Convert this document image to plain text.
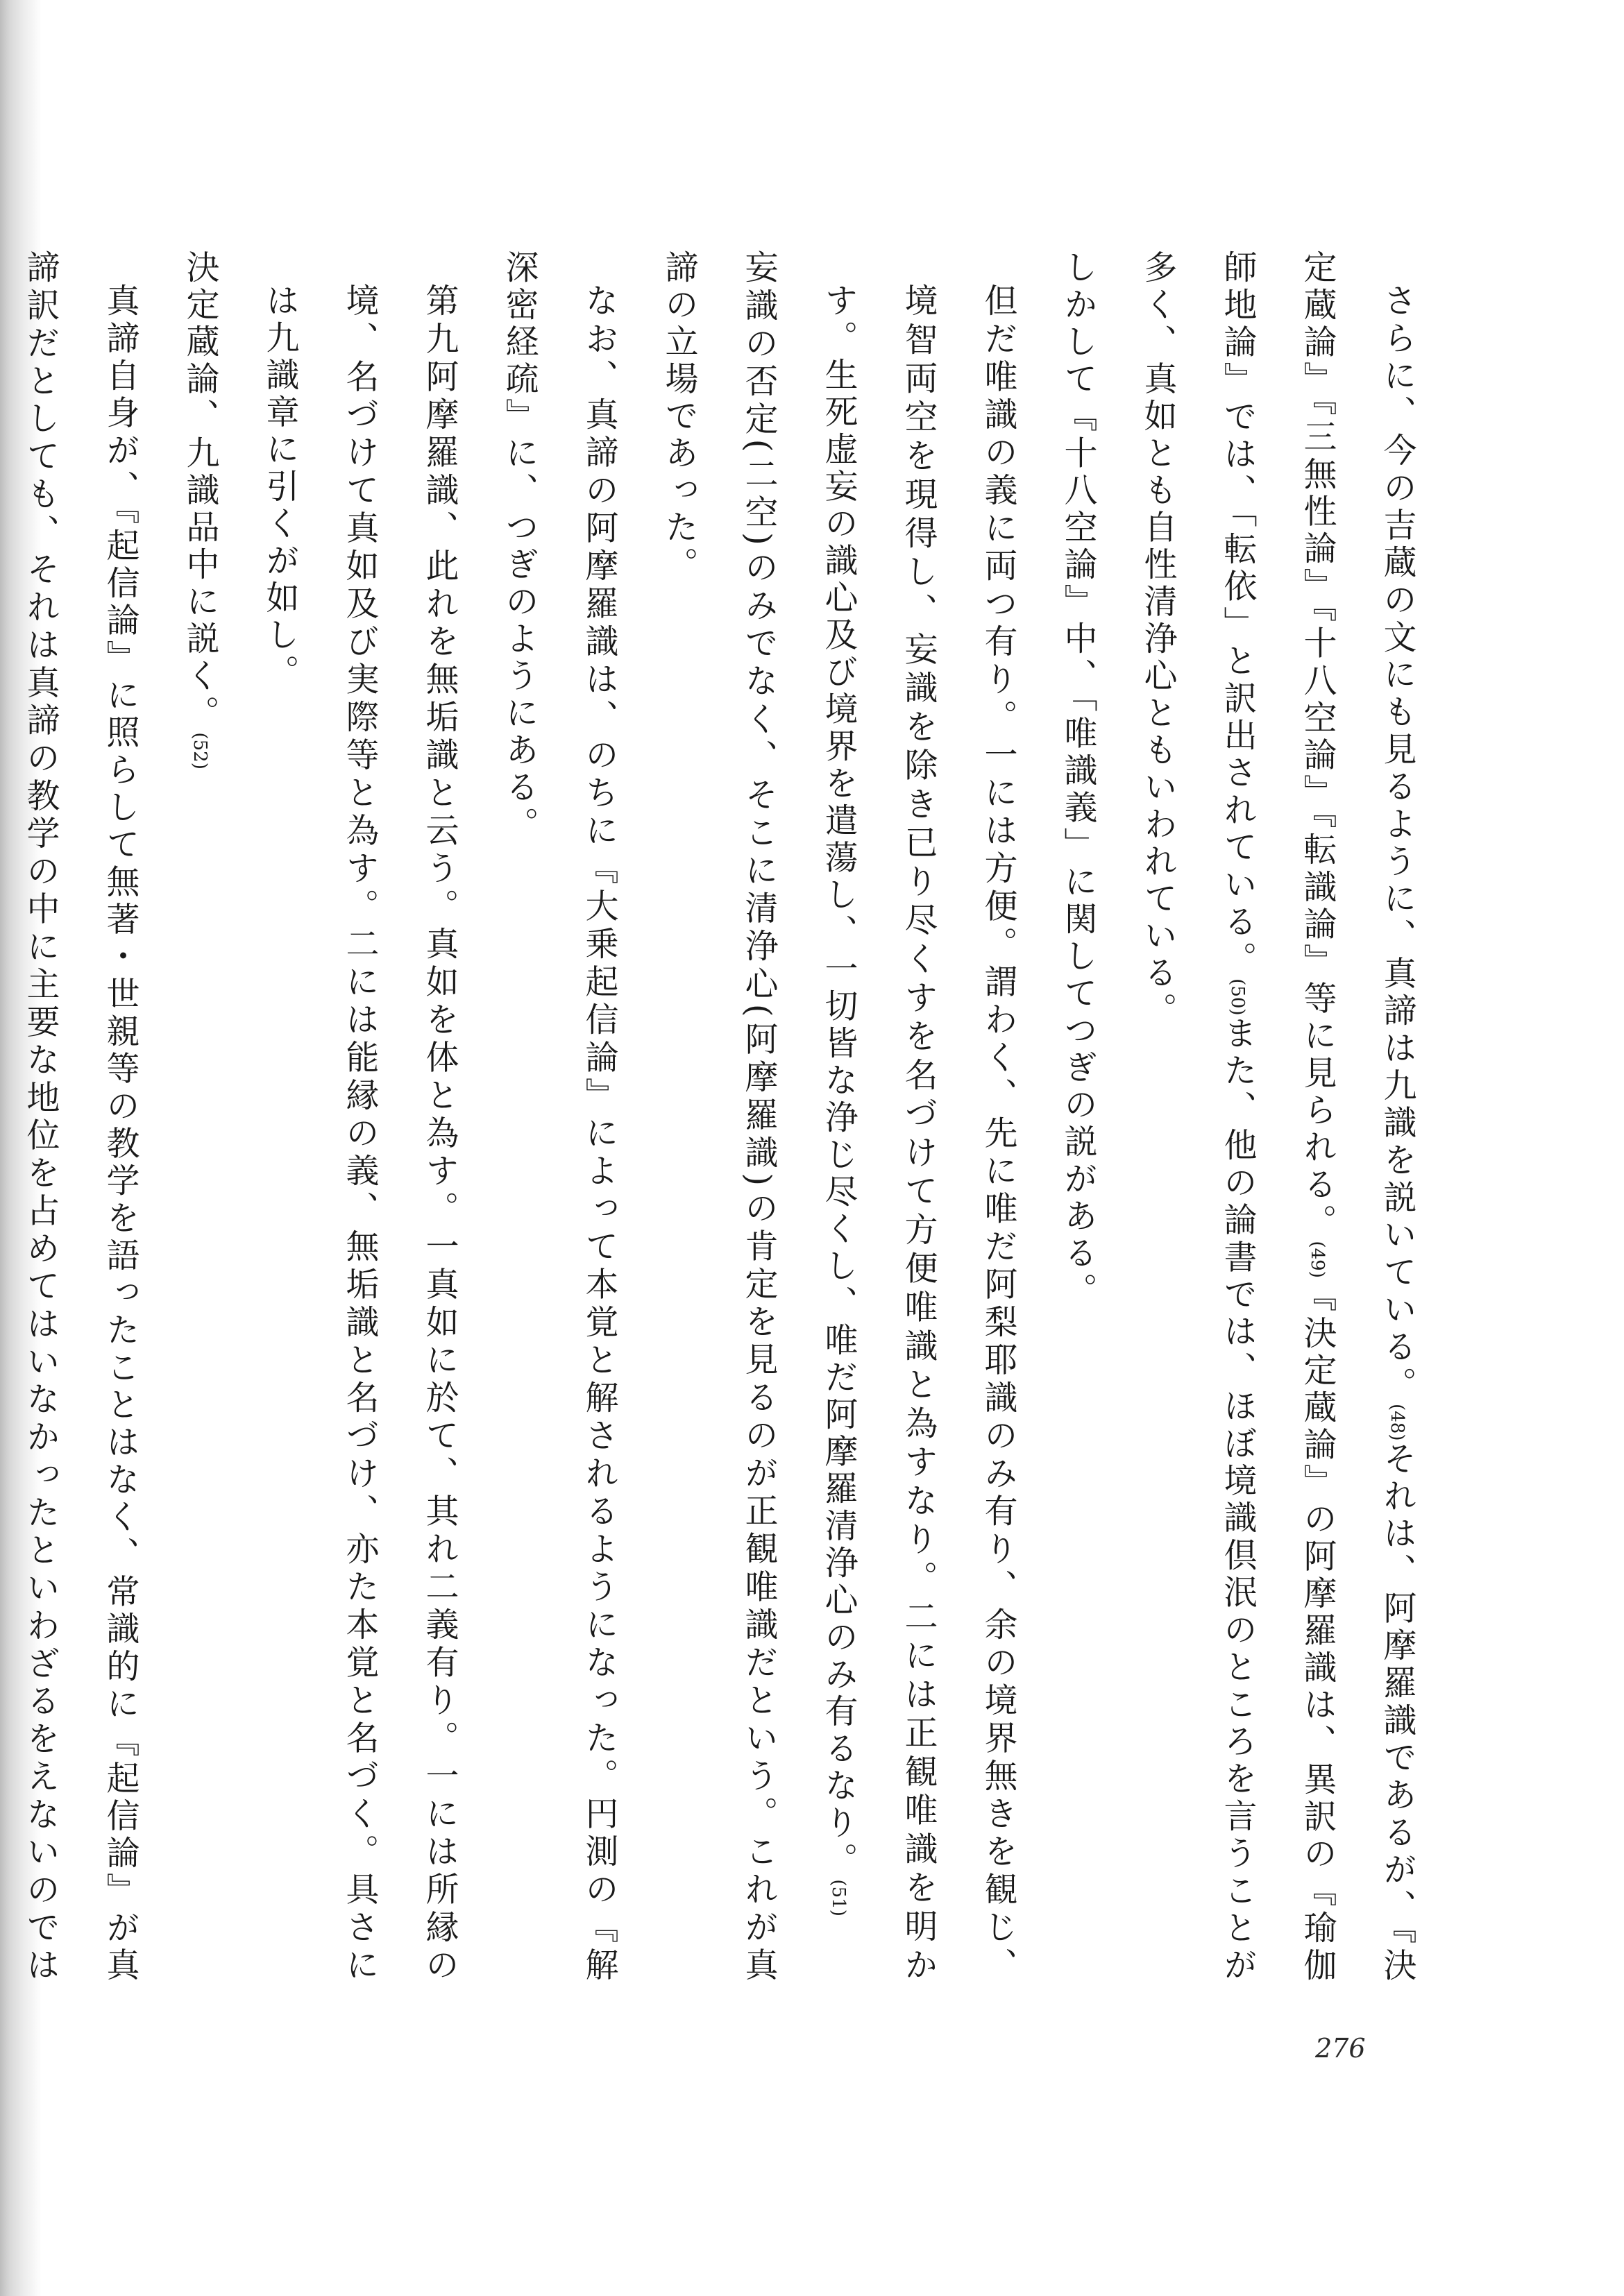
さらに、今の吉蔵の文にも見るように、真諦は九識を説いている。(48)それは、阿摩羅識であるが、『決定蔵論』『三無性論』『十八空論』『転識論』等に見られる。(49)『決定蔵論』の阿摩羅識は、異訳の『瑜伽師地論』では、「転依」と訳出されている。(50)また、他の論書では、ほぼ境識倶泯のところを言うことが多く、真如とも自性清浄心ともいわれている。

しかして『十八空論』中、「唯識義」に関してつぎの説がある。

但だ唯識の義に両つ有り。一には方便。謂わく、先に唯だ阿梨耶識のみ有り、余の境界無きを観じ、境智両空を現得し、妄識を除き已り尽くすを名づけて方便唯識と為すなり。二には正観唯識を明かす。生死虚妄の識心及び境界を遣蕩し、一切皆な浄じ尽くし、唯だ阿摩羅清浄心のみ有るなり。(51)

妄識の否定(二空)のみでなく、そこに清浄心(阿摩羅識)の肯定を見るのが正観唯識だという。これが真諦の立場であった。

なお、真諦の阿摩羅識は、のちに『大乗起信論』によって本覚と解されるようになった。円測の『解深密経疏』に、つぎのようにある。

第九阿摩羅識、此れを無垢識と云う。真如を体と為す。一真如に於て、其れ二義有り。一には所縁の境、名づけて真如及び実際等と為す。二には能縁の義、無垢識と名づけ、亦た本覚と名づく。具さには九識章に引くが如し。

決定蔵論、九識品中に説く。(52)

真諦自身が、『起信論』に照らして無著・世親等の教学を語ったことはなく、常識的に『起信論』が真諦訳だとしても、それは真諦の教学の中に主要な地位を占めてはいなかったといわざるをえないのでは

276
